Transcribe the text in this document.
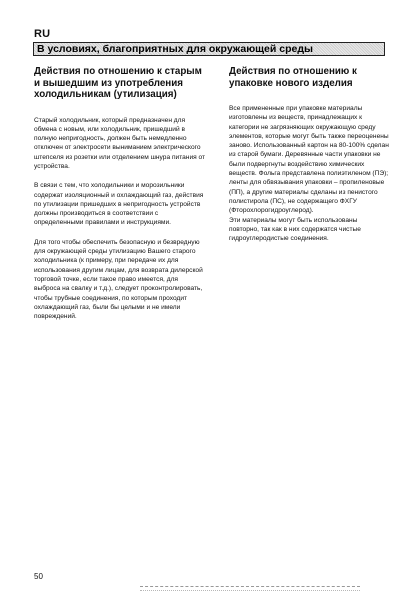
RU
В условиях, благоприятных для окружающей среды
Действия по отношению к старым и вышедшим из употребления холодильникам (утилизация)

Старый холодильник, который предназначен для обмена с новым, или холодильник, пришедший в полную непригодность, должен быть немедленно отключен от электросети вынимaнием электрического штепселя из розетки или отделением шнура питания от устройства.

В связи с тем, что холодильники и морозильники содержат изоляционный и охлаждающий газ, действия по утилизации пришедших в непригодность устройств должны производиться в соответствии с определенными правилами и инструкциями.

Для того чтобы обеспечить безопасную и безвредную для окружающей среды утилизацию Вашего старого холодильника (к примеру, при передаче их для использования другим лицам, для возврата дилерской торговой точке, если такое право имеется, для выброса на свалку и т.д.), следует проконтролировать, чтобы трубные соединения, по которым проходит охлаждающий газ, были бы целыми и не имели повреждений.

Действия по отношению к упаковке нового изделия

Все примененные при упаковке материалы изготовлены из веществ, принадлежащих к категории не загрязняющих окружающую среду элементов, которые могут быть также переоценены заново. Использованный картон на 80-100% сделан из старой бумаги. Деревянные части упаковки не были подвергнуты воздействию химических веществ. Фольга представлена полиэтиленом (ПЭ); ленты для обвязывания упаковки – пропиленовые (ПП), а другие материалы сделаны из пенистого полистирола (ПС), не содержащего ФХГУ (Фторохлорогидроуглерод).

Эти материалы могут быть использованы повторно, так как в них содержатся чистые гидроуглеродистые соединения.

50
